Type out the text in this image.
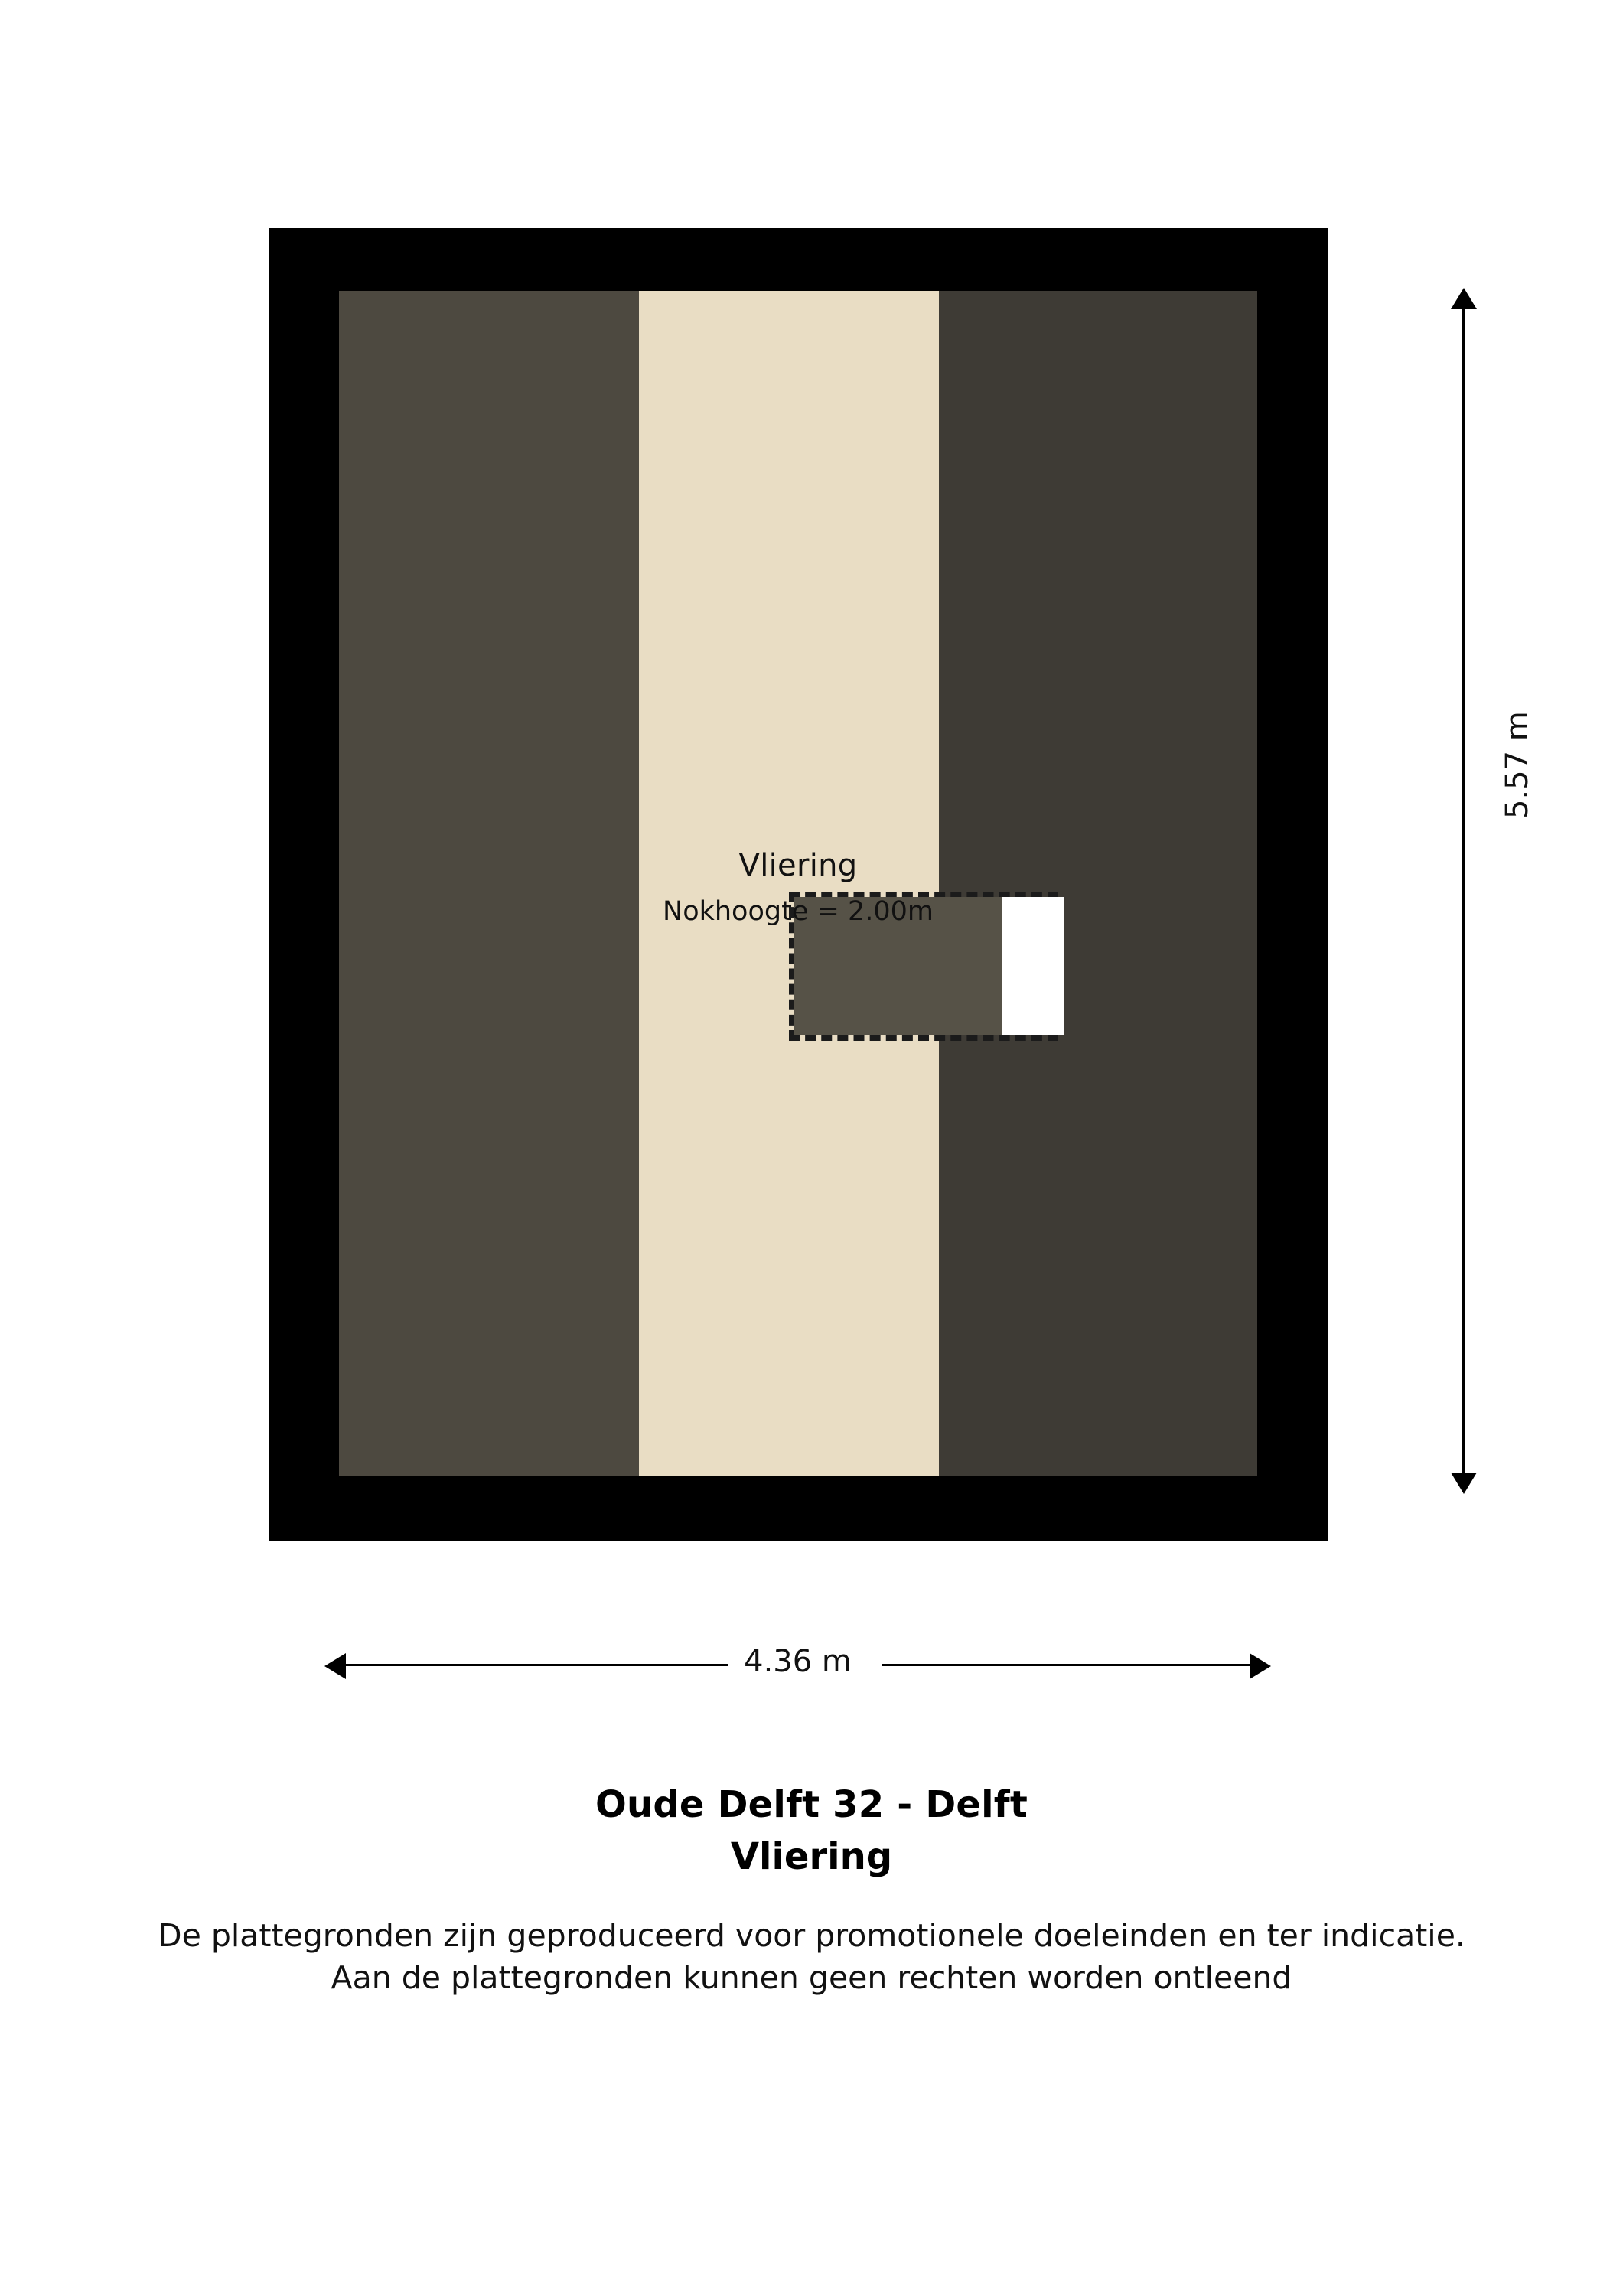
Vliering
Nokhoogte = 2.00m
5.57 m
4.36 m
Oude Delft 32 - Delft
Vliering
De plattegronden zijn geproduceerd voor promotionele doeleinden en ter indicatie.
Aan de plattegronden kunnen geen rechten worden ontleend
